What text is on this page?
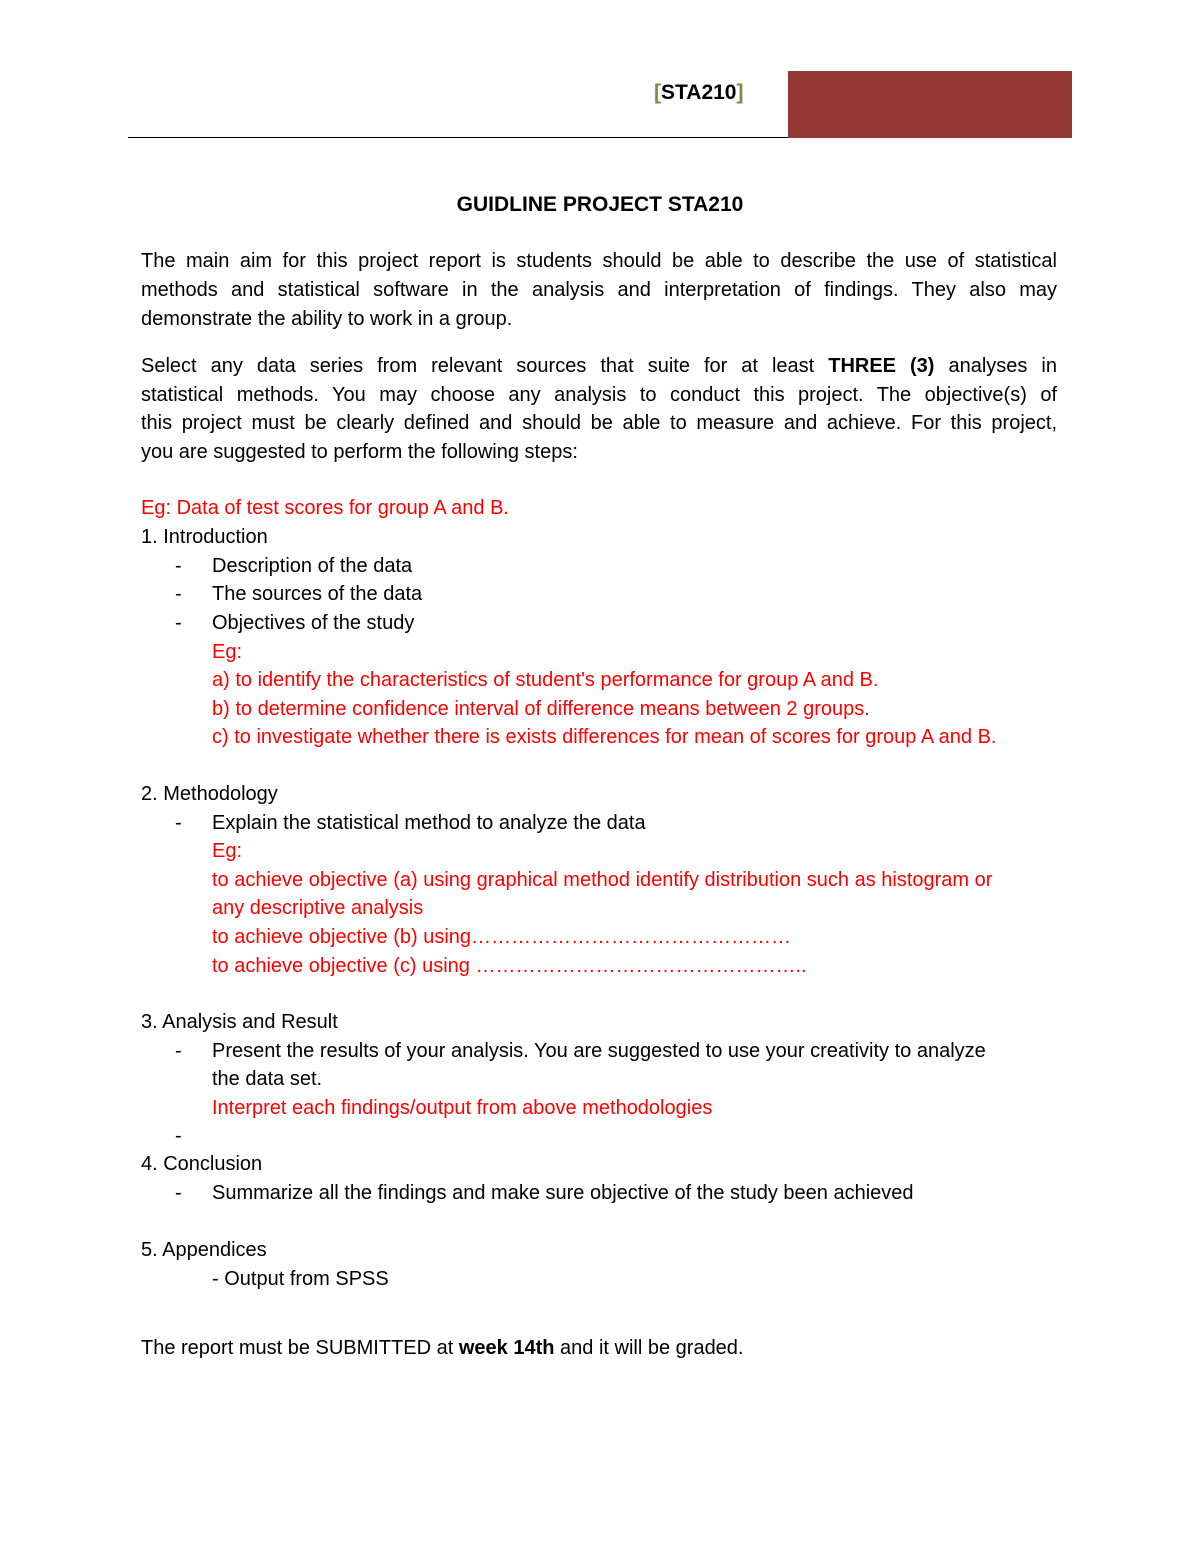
[STA210]
GUIDLINE PROJECT STA210
The main aim for this project report is students should be able to describe the use of statistical
methods and statistical software in the analysis and interpretation of findings. They also may
demonstrate the ability to work in a group.
Select any data series from relevant sources that suite for at least THREE (3) analyses in
statistical methods. You may choose any analysis to conduct this project. The objective(s) of
this project must be clearly defined and should be able to measure and achieve. For this project,
you are suggested to perform the following steps:
Eg: Data of test scores for group A and B.
1. Introduction
- Description of the data
- The sources of the data
- Objectives of the study
Eg:
a) to identify the characteristics of student's performance for group A and B.
b) to determine confidence interval of difference means between 2 groups.
c) to investigate whether there is exists differences for mean of scores for group A and B.
2. Methodology
- Explain the statistical method to analyze the data
Eg:
to achieve objective (a) using graphical method identify distribution such as histogram or
any descriptive analysis
to achieve objective (b) using…………………………………………
to achieve objective (c) using …………………………………………..
3. Analysis and Result
- Present the results of your analysis. You are suggested to use your creativity to analyze
the data set.
Interpret each findings/output from above methodologies
-
4. Conclusion
- Summarize all the findings and make sure objective of the study been achieved
5. Appendices
- Output from SPSS
The report must be SUBMITTED at week 14th and it will be graded.
